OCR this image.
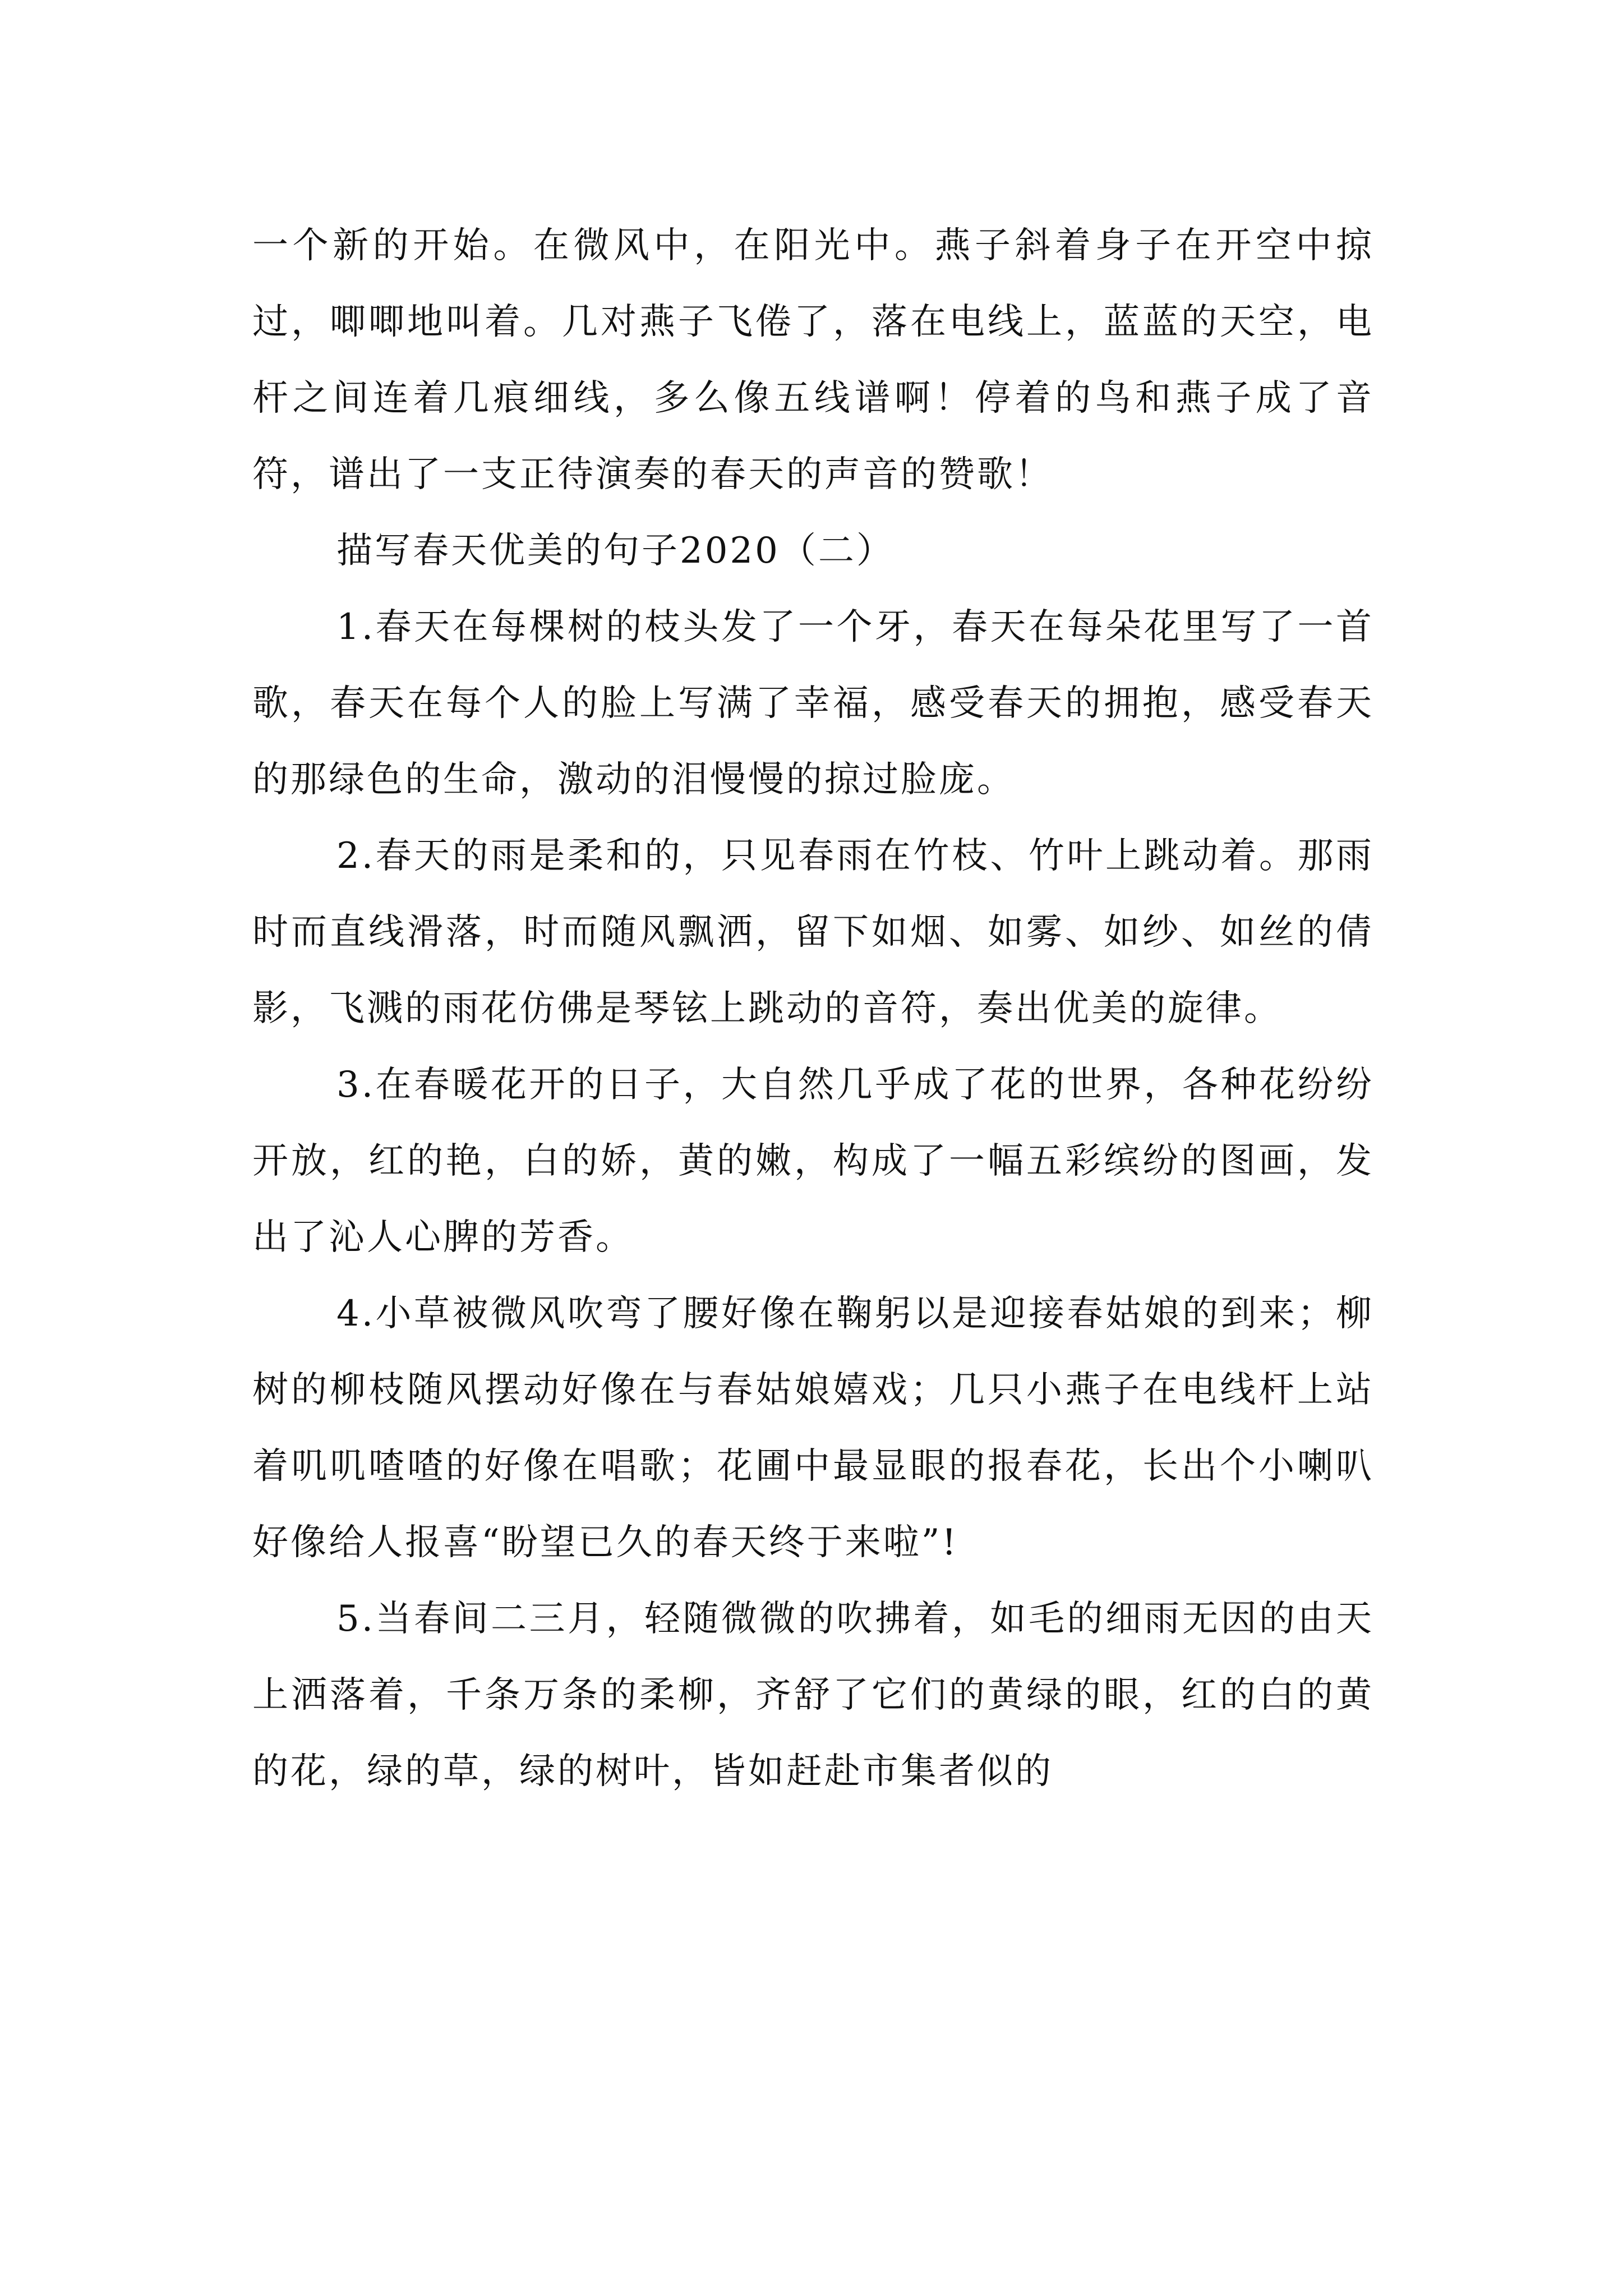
一个新的开始。在微风中，在阳光中。燕子斜着身子在开空中掠过，唧唧地叫着。几对燕子飞倦了，落在电线上，蓝蓝的天空，电杆之间连着几痕细线，多么像五线谱啊！停着的鸟和燕子成了音符，谱出了一支正待演奏的春天的声音的赞歌！

描写春天优美的句子2020（二）

1.春天在每棵树的枝头发了一个牙，春天在每朵花里写了一首歌，春天在每个人的脸上写满了幸福，感受春天的拥抱，感受春天的那绿色的生命，激动的泪慢慢的掠过脸庞。

2.春天的雨是柔和的，只见春雨在竹枝、竹叶上跳动着。那雨时而直线滑落，时而随风飘洒，留下如烟、如雾、如纱、如丝的倩影，飞溅的雨花仿佛是琴铉上跳动的音符，奏出优美的旋律。

3.在春暖花开的日子，大自然几乎成了花的世界，各种花纷纷开放，红的艳，白的娇，黄的嫩，构成了一幅五彩缤纷的图画，发出了沁人心脾的芳香。

4.小草被微风吹弯了腰好像在鞠躬以是迎接春姑娘的到来；柳树的柳枝随风摆动好像在与春姑娘嬉戏；几只小燕子在电线杆上站着叽叽喳喳的好像在唱歌；花圃中最显眼的报春花，长出个小喇叭好像给人报喜“盼望已久的春天终于来啦”!

5.当春间二三月，轻随微微的吹拂着，如毛的细雨无因的由天上洒落着，千条万条的柔柳，齐舒了它们的黄绿的眼，红的白的黄的花，绿的草，绿的树叶，皆如赶赴市集者似的
